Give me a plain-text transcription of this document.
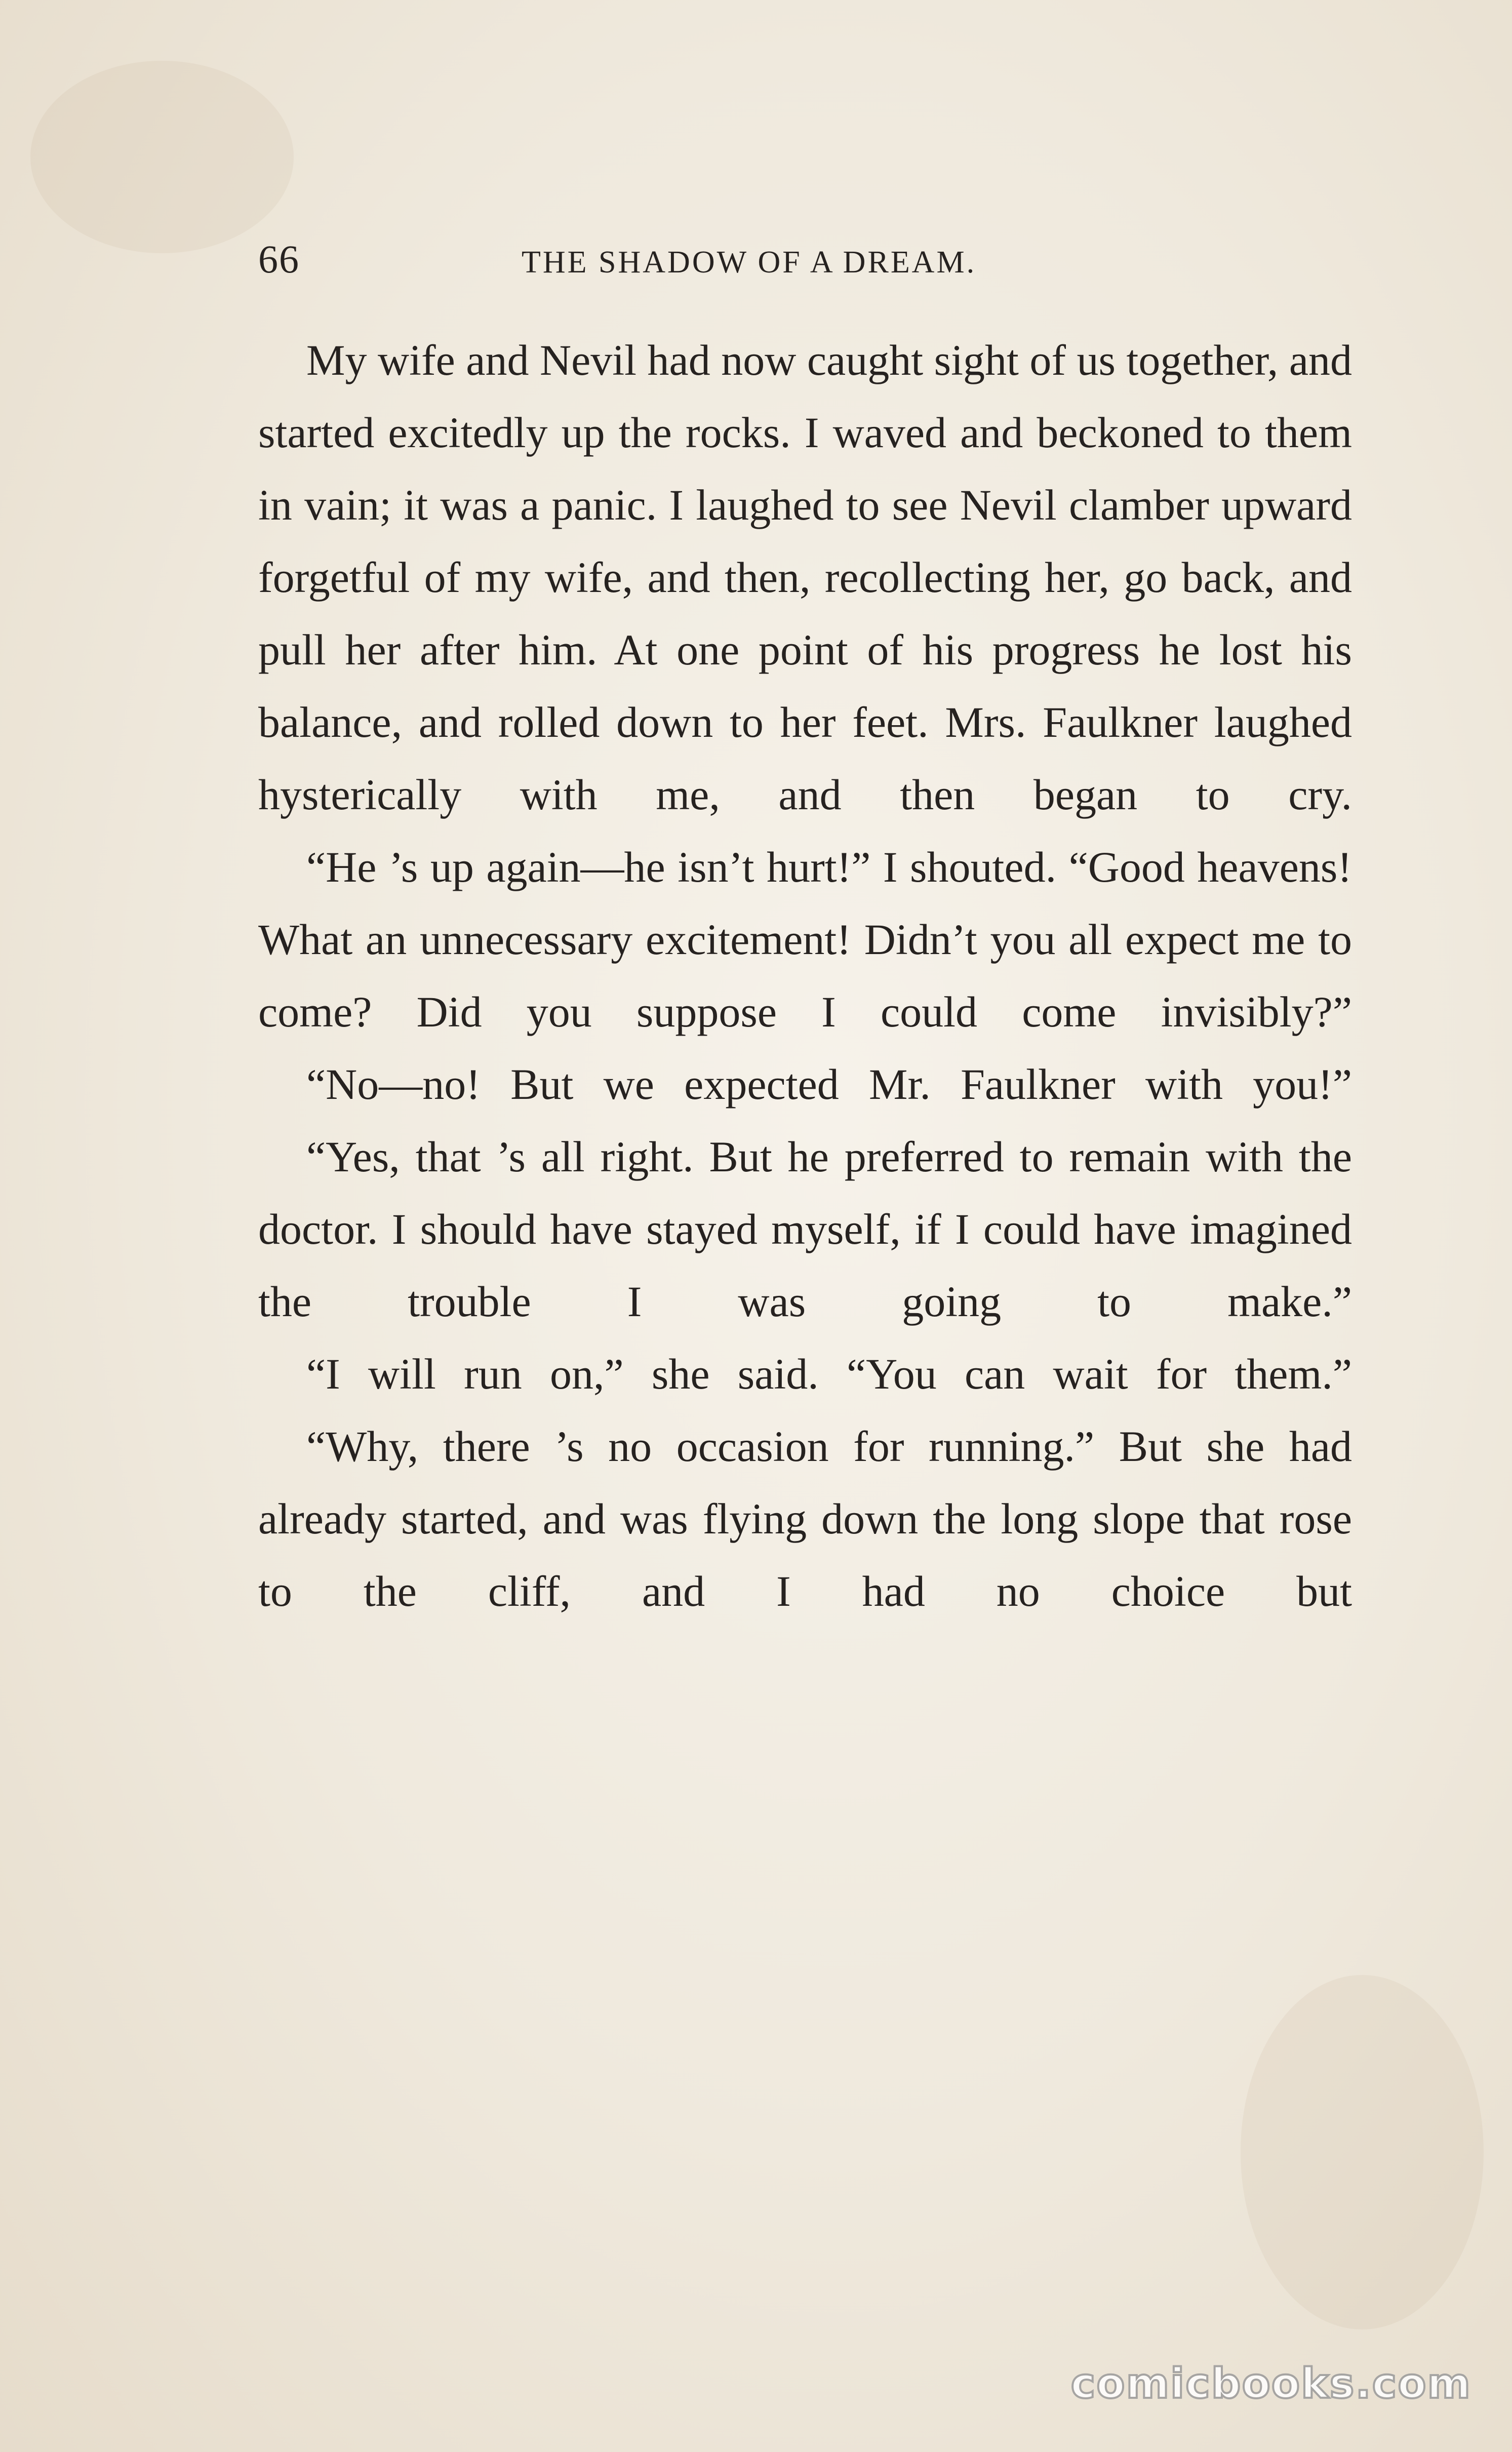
66	THE SHADOW OF A DREAM.

My wife and Nevil had now caught sight of us together, and started excitedly up the rocks. I waved and beckoned to them in vain; it was a panic. I laughed to see Nevil clamber upward forgetful of my wife, and then, recollecting her, go back, and pull her after him. At one point of his progress he lost his balance, and rolled down to her feet. Mrs. Faulkner laughed hysterically with me, and then began to cry.

“He ’s up again—he isn’t hurt!” I shouted. “Good heavens! What an unnecessary excitement! Didn’t you all expect me to come? Did you suppose I could come invisibly?”

“No—no! But we expected Mr. Faulkner with you!”

“Yes, that ’s all right. But he preferred to remain with the doctor. I should have stayed myself, if I could have imagined the trouble I was going to make.”

“I will run on,” she said. “You can wait for them.”

“Why, there ’s no occasion for running.” But she had already started, and was flying down the long slope that rose to the cliff, and I had no choice but

comicbooks.com
